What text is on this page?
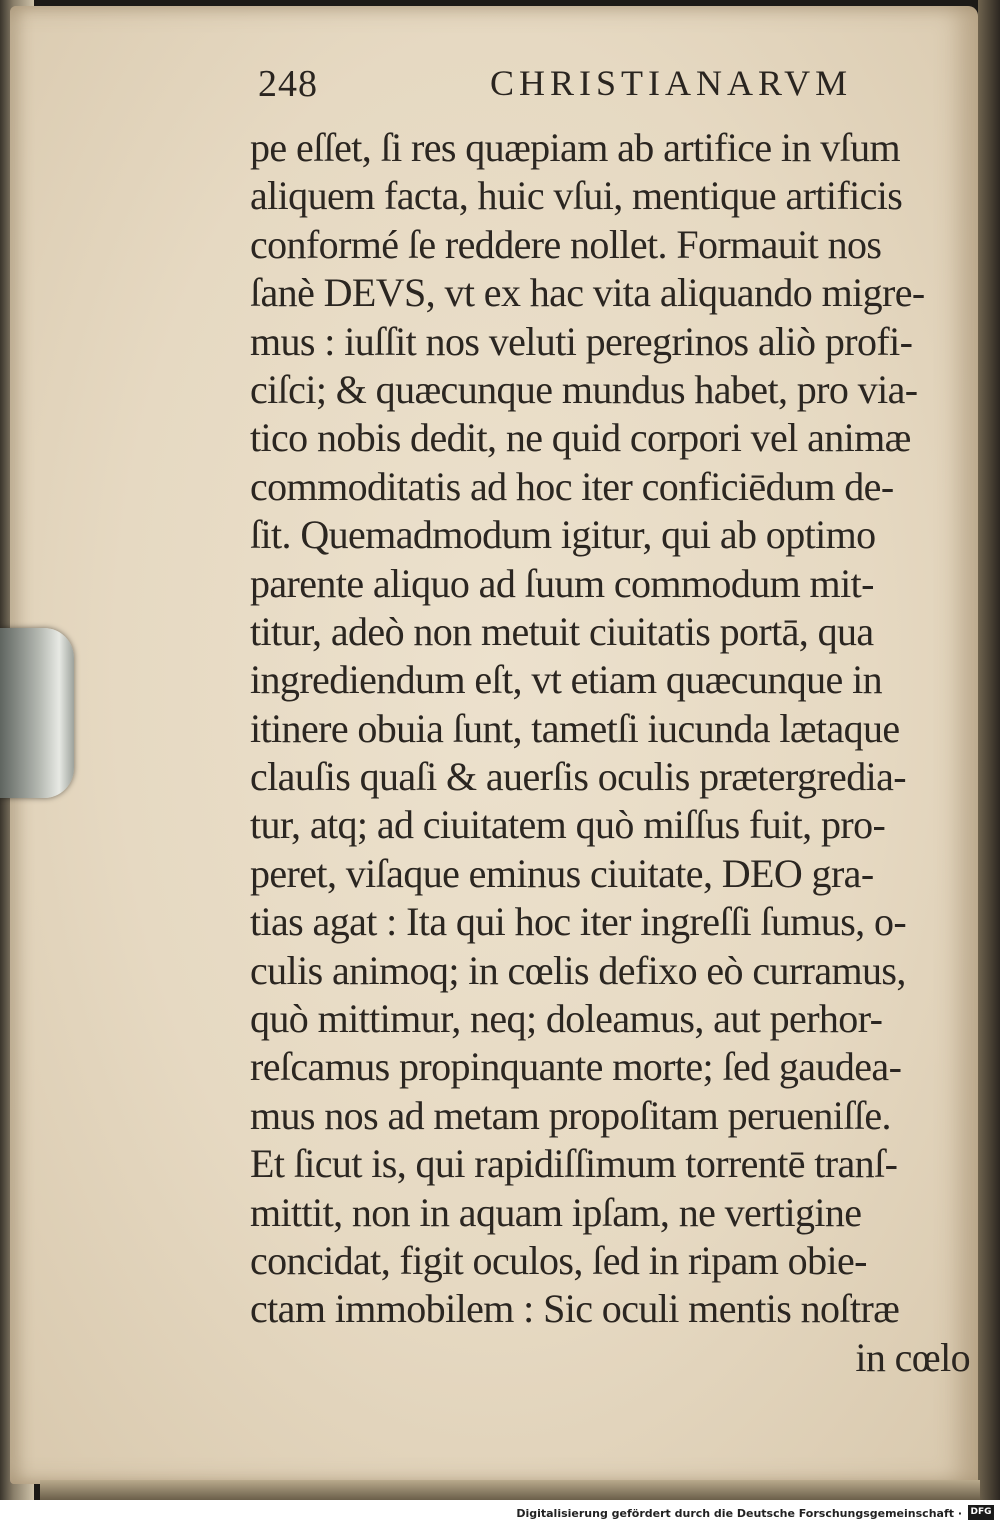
248	CHRISTIANARVM
pe eſſet, ſi res quæpiam ab artifice in vſum
aliquem facta, huic vſui, mentique artificis
conformé ſe reddere nollet. Formauit nos
ſanè DEVS, vt ex hac vita aliquando migre-
mus : iuſſit nos veluti peregrinos aliò profi-
ciſci; & quæcunque mundus habet, pro via-
tico nobis dedit, ne quid corpori vel animæ
commoditatis ad hoc iter conficiēdum de-
ſit. Quemadmodum igitur, qui ab optimo
parente aliquo ad ſuum commodum mit-
titur, adeò non metuit ciuitatis portā, qua
ingrediendum eſt, vt etiam quæcunque in
itinere obuia ſunt, tametſi iucunda lætaque
clauſis quaſi & auerſis oculis prætergredia-
tur, atq; ad ciuitatem quò miſſus fuit, pro-
peret, viſaque eminus ciuitate, DEO gra-
tias agat : Ita qui hoc iter ingreſſi ſumus, o-
culis animoq; in cœlis defixo eò curramus,
quò mittimur, neq; doleamus, aut perhor-
reſcamus propinquante morte; ſed gaudea-
mus nos ad metam propoſitam perueniſſe.
Et ſicut is, qui rapidiſſimum torrentē tranſ-
mittit, non in aquam ipſam, ne vertigine
concidat, figit oculos, ſed in ripam obie-
ctam immobilem : Sic oculi mentis noſtræ
in cœlo
Digitalisierung gefördert durch die Deutsche Forschungsgemeinschaft · DFG
